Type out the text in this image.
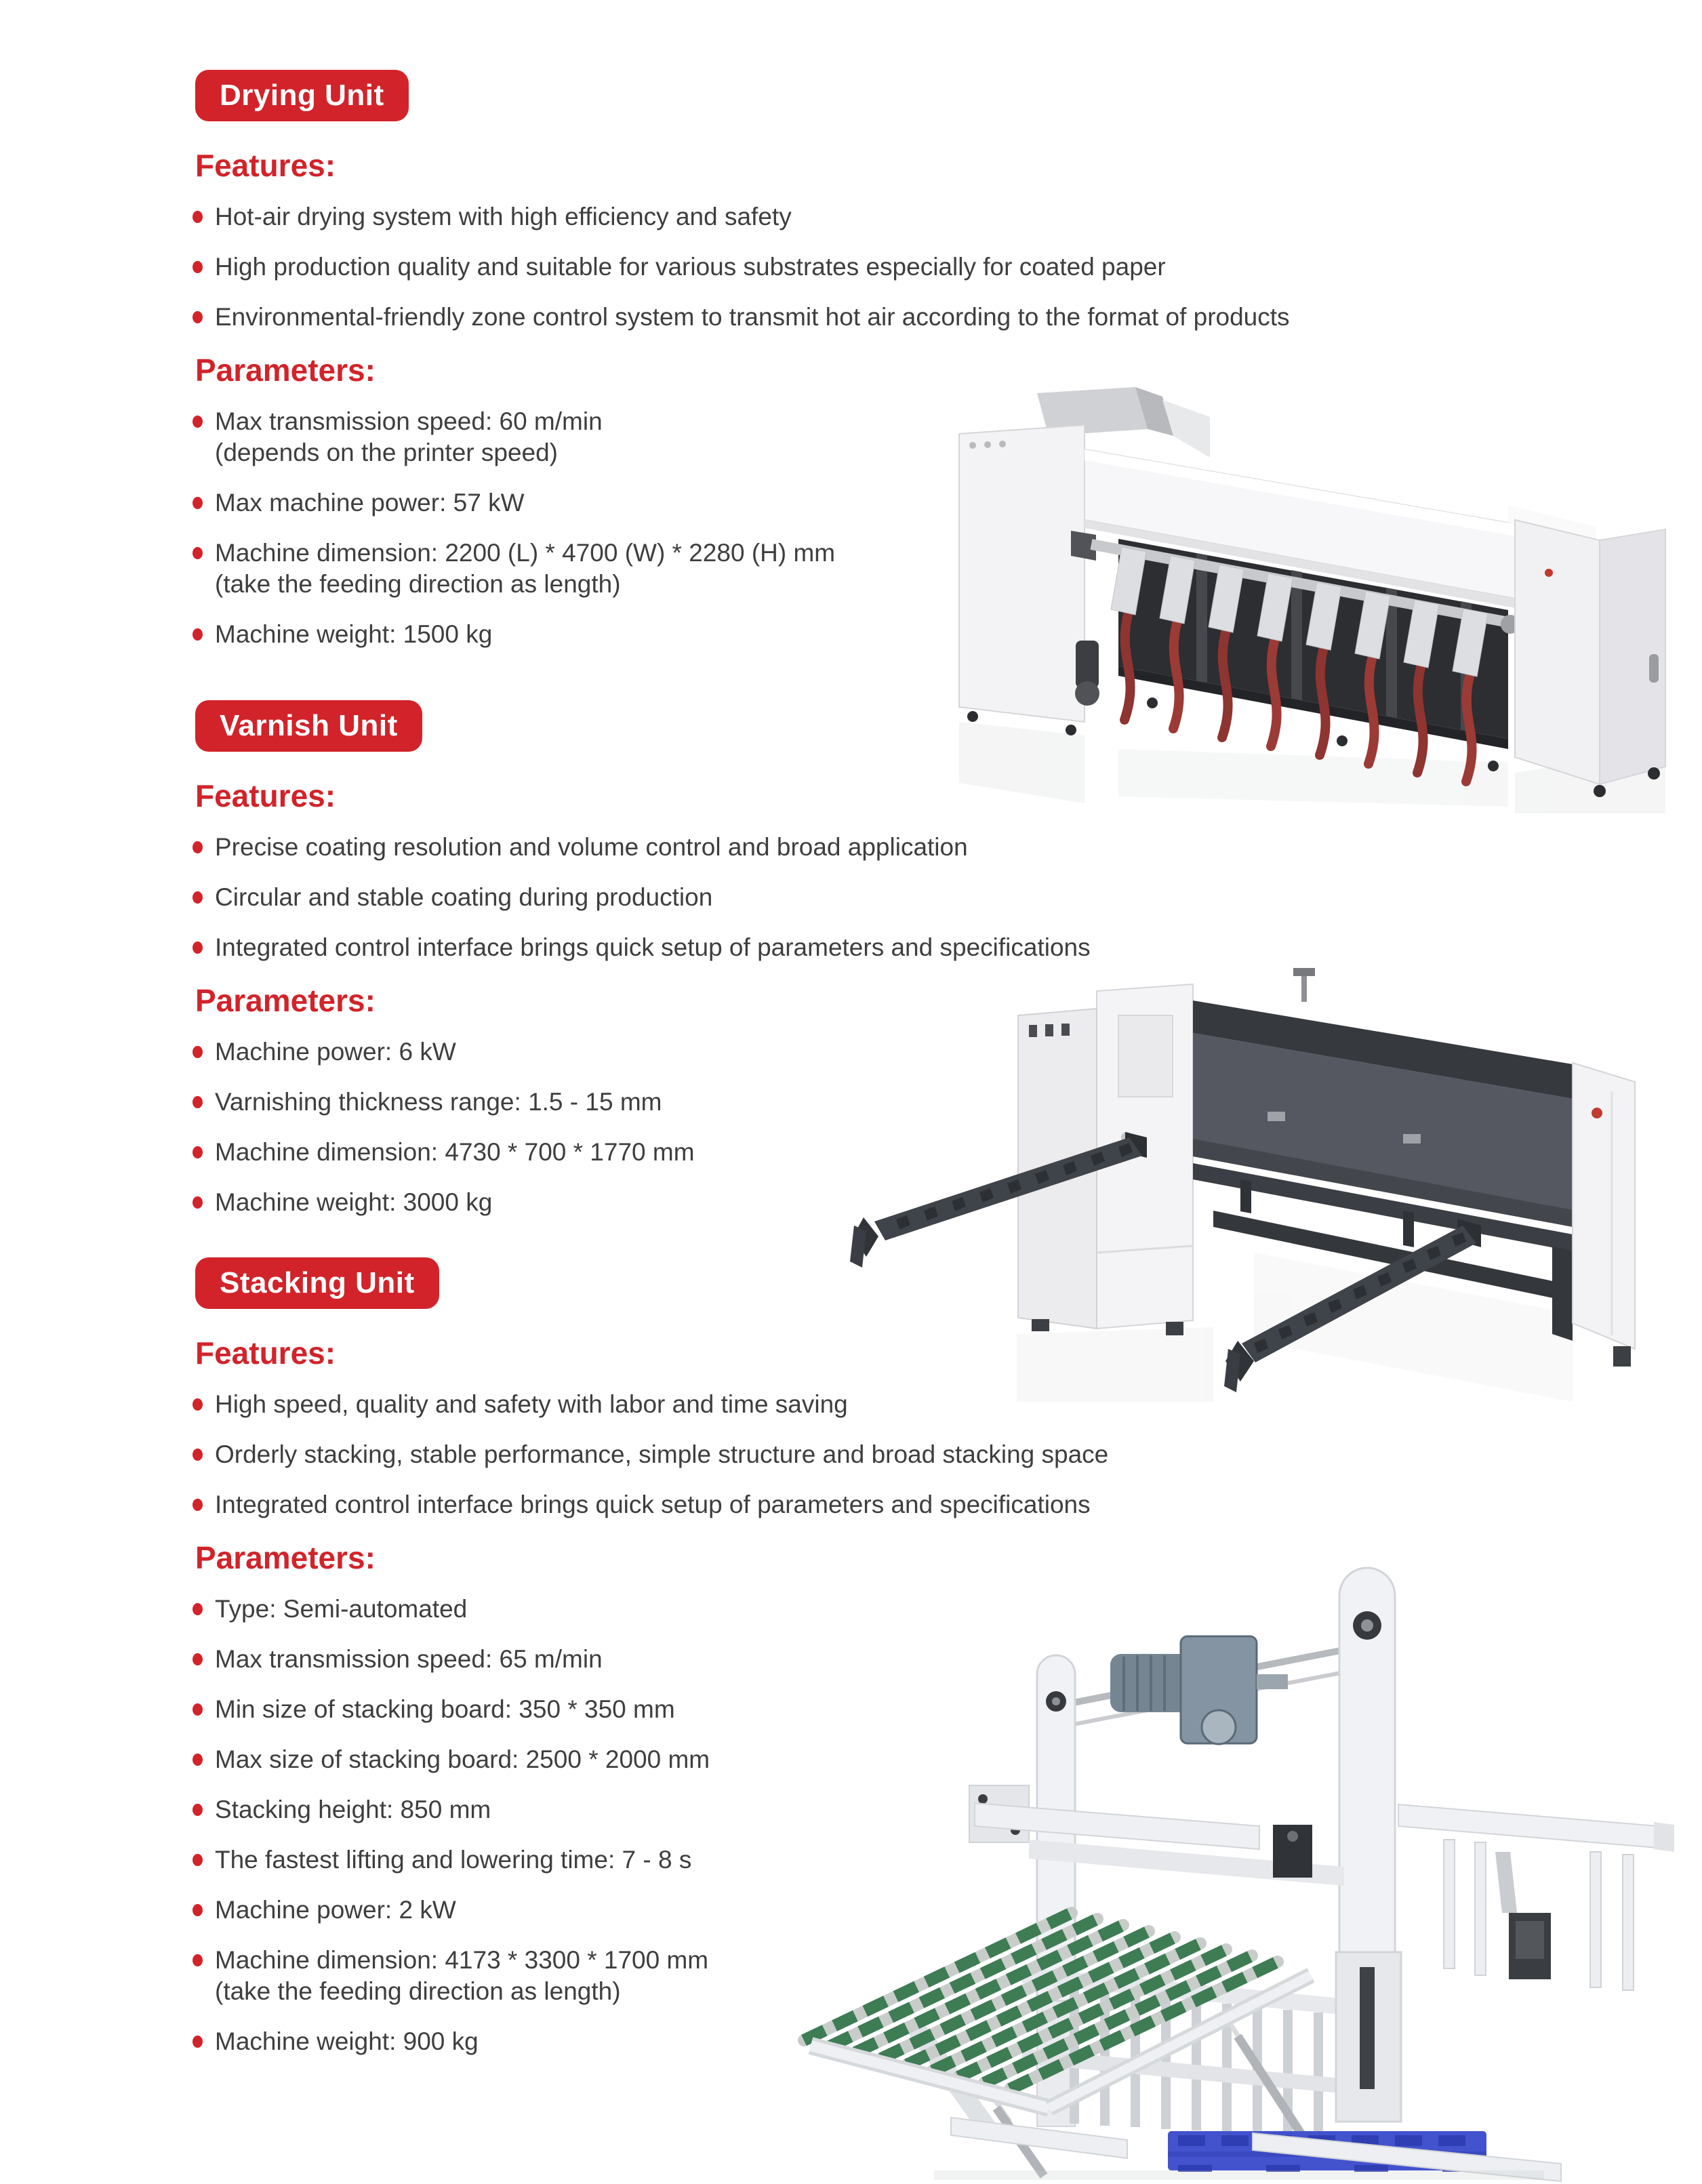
Drying Unit
Features:
Hot-air drying system with high efficiency and safety
High production quality and suitable for various substrates especially for coated paper
Environmental-friendly zone control system to transmit hot air according to the format of products
Parameters:
Max transmission speed: 60 m/min
(depends on the printer speed)
Max machine power: 57 kW
Machine dimension: 2200 (L) * 4700 (W) * 2280 (H) mm
(take the feeding direction as length)
Machine weight: 1500 kg
Varnish Unit
Features:
Precise coating resolution and volume control and broad application
Circular and stable coating during production
Integrated control interface brings quick setup of parameters and specifications
Parameters:
Machine power: 6 kW
Varnishing thickness range: 1.5 - 15 mm
Machine dimension: 4730 * 700 * 1770 mm
Machine weight: 3000 kg
Stacking Unit
Features:
High speed, quality and safety with labor and time saving
Orderly stacking, stable performance, simple structure and broad stacking space
Integrated control interface brings quick setup of parameters and specifications
Parameters:
Type: Semi-automated
Max transmission speed: 65 m/min
Min size of stacking board: 350 * 350 mm
Max size of stacking board: 2500 * 2000 mm
Stacking height: 850 mm
The fastest lifting and lowering time: 7 - 8 s
Machine power: 2 kW
Machine dimension: 4173 * 3300 * 1700 mm
(take the feeding direction as length)
Machine weight: 900 kg
